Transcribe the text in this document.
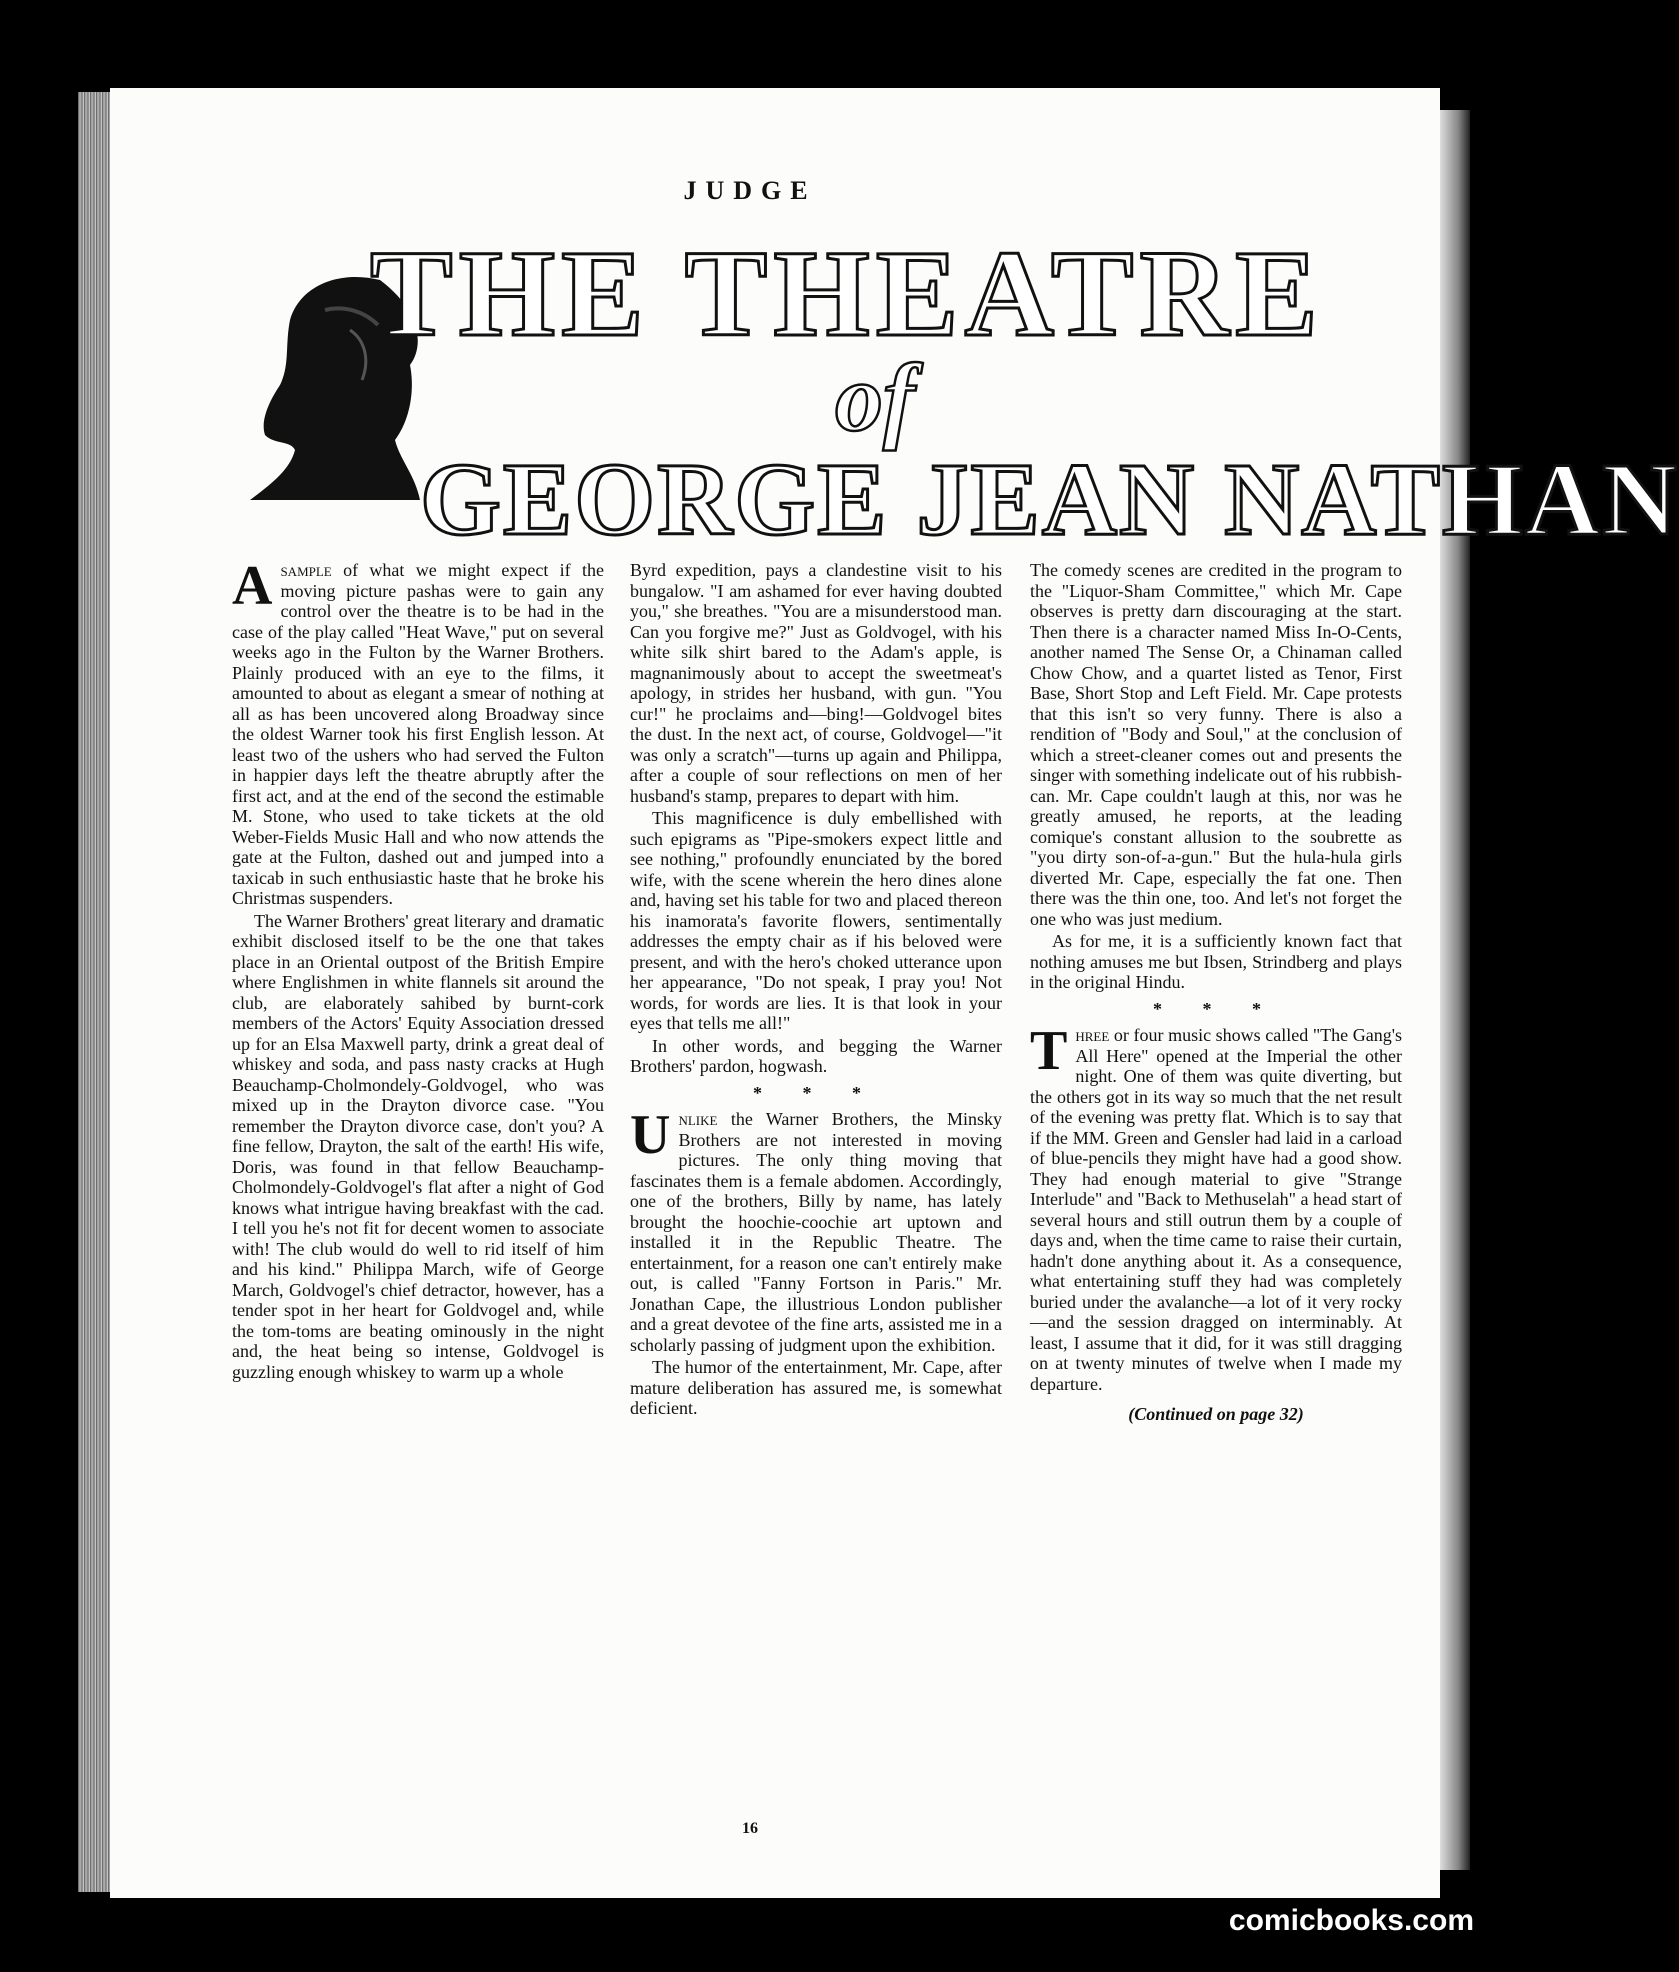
JUDGE
THE THEATRE
of
GEORGE JEAN NATHAN

Asample of what we might expect if the moving picture pashas were to gain any control over the theatre is to be had in the case of the play called "Heat Wave," put on several weeks ago in the Fulton by the Warner Brothers. Plainly produced with an eye to the films, it amounted to about as elegant a smear of nothing at all as has been uncovered along Broadway since the oldest Warner took his first English lesson. At least two of the ushers who had served the Fulton in happier days left the theatre abruptly after the first act, and at the end of the second the estimable M. Stone, who used to take tickets at the old Weber-Fields Music Hall and who now attends the gate at the Fulton, dashed out and jumped into a taxicab in such enthusiastic haste that he broke his Christmas suspenders.

The Warner Brothers' great literary and dramatic exhibit disclosed itself to be the one that takes place in an Oriental outpost of the British Empire where Englishmen in white flannels sit around the club, are elaborately sahibed by burnt-cork members of the Actors' Equity Association dressed up for an Elsa Maxwell party, drink a great deal of whiskey and soda, and pass nasty cracks at Hugh Beauchamp-Cholmondely-Goldvogel, who was mixed up in the Drayton divorce case. "You remember the Drayton divorce case, don't you? A fine fellow, Drayton, the salt of the earth! His wife, Doris, was found in that fellow Beauchamp-Cholmondely-Goldvogel's flat after a night of God knows what intrigue having breakfast with the cad. I tell you he's not fit for decent women to associate with! The club would do well to rid itself of him and his kind." Philippa March, wife of George March, Goldvogel's chief detractor, however, has a tender spot in her heart for Goldvogel and, while the tom-toms are beating ominously in the night and, the heat being so intense, Goldvogel is guzzling enough whiskey to warm up a whole

Byrd expedition, pays a clandestine visit to his bungalow. "I am ashamed for ever having doubted you," she breathes. "You are a misunderstood man. Can you forgive me?" Just as Goldvogel, with his white silk shirt bared to the Adam's apple, is magnanimously about to accept the sweetmeat's apology, in strides her husband, with gun. "You cur!" he proclaims and—bing!—Goldvogel bites the dust. In the next act, of course, Goldvogel—"it was only a scratch"—turns up again and Philippa, after a couple of sour reflections on men of her husband's stamp, prepares to depart with him.

This magnificence is duly embellished with such epigrams as "Pipe-smokers expect little and see nothing," profoundly enunciated by the bored wife, with the scene wherein the hero dines alone and, having set his table for two and placed thereon his inamorata's favorite flowers, sentimentally addresses the empty chair as if his beloved were present, and with the hero's choked utterance upon her appearance, "Do not speak, I pray you! Not words, for words are lies. It is that look in your eyes that tells me all!"

In other words, and begging the Warner Brothers' pardon, hogwash.

* * *

Unlike the Warner Brothers, the Minsky Brothers are not interested in moving pictures. The only thing moving that fascinates them is a female abdomen. Accordingly, one of the brothers, Billy by name, has lately brought the hoochie-coochie art uptown and installed it in the Republic Theatre. The entertainment, for a reason one can't entirely make out, is called "Fanny Fortson in Paris." Mr. Jonathan Cape, the illustrious London publisher and a great devotee of the fine arts, assisted me in a scholarly passing of judgment upon the exhibition.

The humor of the entertainment, Mr. Cape, after mature deliberation has assured me, is somewhat deficient.

The comedy scenes are credited in the program to the "Liquor-Sham Committee," which Mr. Cape observes is pretty darn discouraging at the start. Then there is a character named Miss In-O-Cents, another named The Sense Or, a Chinaman called Chow Chow, and a quartet listed as Tenor, First Base, Short Stop and Left Field. Mr. Cape protests that this isn't so very funny. There is also a rendition of "Body and Soul," at the conclusion of which a street-cleaner comes out and presents the singer with something indelicate out of his rubbish-can. Mr. Cape couldn't laugh at this, nor was he greatly amused, he reports, at the leading comique's constant allusion to the soubrette as "you dirty son-of-a-gun." But the hula-hula girls diverted Mr. Cape, especially the fat one. Then there was the thin one, too. And let's not forget the one who was just medium.

As for me, it is a sufficiently known fact that nothing amuses me but Ibsen, Strindberg and plays in the original Hindu.

* * *

Three or four music shows called "The Gang's All Here" opened at the Imperial the other night. One of them was quite diverting, but the others got in its way so much that the net result of the evening was pretty flat. Which is to say that if the MM. Green and Gensler had laid in a carload of blue-pencils they might have had a good show. They had enough material to give "Strange Interlude" and "Back to Methuselah" a head start of several hours and still outrun them by a couple of days and, when the time came to raise their curtain, hadn't done anything about it. As a consequence, what entertaining stuff they had was completely buried under the avalanche—a lot of it very rocky—and the session dragged on interminably. At least, I assume that it did, for it was still dragging on at twenty minutes of twelve when I made my departure.

(Continued on page 32)
16
comicbooks.com
